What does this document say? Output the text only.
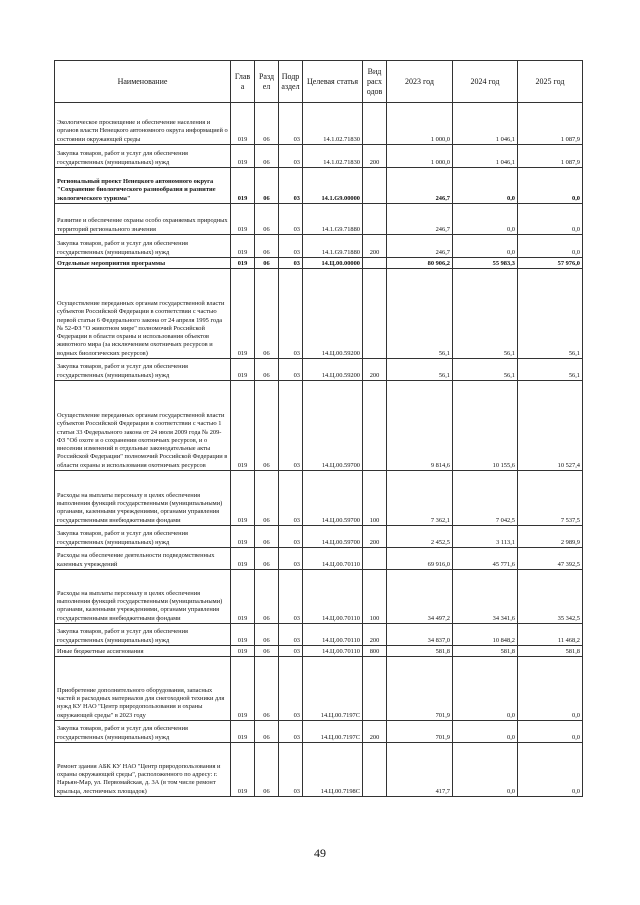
Наименование	Глав а	Разд ел	Подр аздел	Целевая статья	Вид расх одов	2023 год	2024 год	2025 год
Экологическое просвещение и обеспечение населения и органов власти Ненецкого автономного округа информацией о состоянии окружающей среды	019	06	03	14.1.02.71830		1 000,0	1 046,1	1 087,9
Закупка товаров, работ и услуг для обеспечения государственных (муниципальных) нужд	019	06	03	14.1.02.71830	200	1 000,0	1 046,1	1 087,9
Региональный проект Ненецкого автономного округа "Сохранение биологического разнообразия и развитие экологического туризма"	019	06	03	14.1.G9.00000		246,7	0,0	0,0
Развитие и обеспечение охраны особо охраняемых природных территорий регионального значения	019	06	03	14.1.G9.71880		246,7	0,0	0,0
Закупка товаров, работ и услуг для обеспечения государственных (муниципальных) нужд	019	06	03	14.1.G9.71880	200	246,7	0,0	0,0
Отдельные мероприятия программы	019	06	03	14.Ц.00.00000		80 906,2	55 983,3	57 976,0
Осуществление переданных органам государственной власти субъектов Российской Федерации в соответствии с частью первой статьи 6 Федерального закона от 24 апреля 1995 года № 52-ФЗ "О животном мире" полномочий Российской Федерации в области охраны и использования объектов животного мира (за исключением охотничьих ресурсов и водных биологических ресурсов)	019	06	03	14.Ц.00.59200		56,1	56,1	56,1
Закупка товаров, работ и услуг для обеспечения государственных (муниципальных) нужд	019	06	03	14.Ц.00.59200	200	56,1	56,1	56,1
Осуществление переданных органам государственной власти субъектов Российской Федерации в соответствии с частью 1 статьи 33 Федерального закона от 24 июля 2009 года № 209-ФЗ "Об охоте и о сохранении охотничьих ресурсов, и о внесении изменений в отдельные законодательные акты Российской Федерации" полномочий Российской Федерации в области охраны и использования охотничьих ресурсов	019	06	03	14.Ц.00.59700		9 814,6	10 155,6	10 527,4
Расходы на выплаты персоналу в целях обеспечения выполнения функций государственными (муниципальными) органами, казенными учреждениями, органами управления государственными внебюджетными фондами	019	06	03	14.Ц.00.59700	100	7 362,1	7 042,5	7 537,5
Закупка товаров, работ и услуг для обеспечения государственных (муниципальных) нужд	019	06	03	14.Ц.00.59700	200	2 452,5	3 113,1	2 989,9
Расходы на обеспечение деятельности подведомственных казенных учреждений	019	06	03	14.Ц.00.70110		69 916,0	45 771,6	47 392,5
Расходы на выплаты персоналу в целях обеспечения выполнения функций государственными (муниципальными) органами, казенными учреждениями, органами управления государственными внебюджетными фондами	019	06	03	14.Ц.00.70110	100	34 497,2	34 341,6	35 342,5
Закупка товаров, работ и услуг для обеспечения государственных (муниципальных) нужд	019	06	03	14.Ц.00.70110	200	34 837,0	10 848,2	11 468,2
Иные бюджетные ассигнования	019	06	03	14.Ц.00.70110	800	581,8	581,8	581,8
Приобретение дополнительного оборудования, запасных частей и расходных материалов для снегоходной техники для нужд КУ НАО "Центр природопользования и охраны окружающей среды" в 2023 году	019	06	03	14.Ц.00.7197С		701,9	0,0	0,0
Закупка товаров, работ и услуг для обеспечения государственных (муниципальных) нужд	019	06	03	14.Ц.00.7197С	200	701,9	0,0	0,0
Ремонт здания АБК КУ НАО "Центр природопользования и охраны окружающей среды", расположенного по адресу: г. Нарьян-Мар, ул. Первомайская, д. 3А (в том числе ремонт крыльца, лестничных площадок)	019	06	03	14.Ц.00.7198С		417,7	0,0	0,0
49
